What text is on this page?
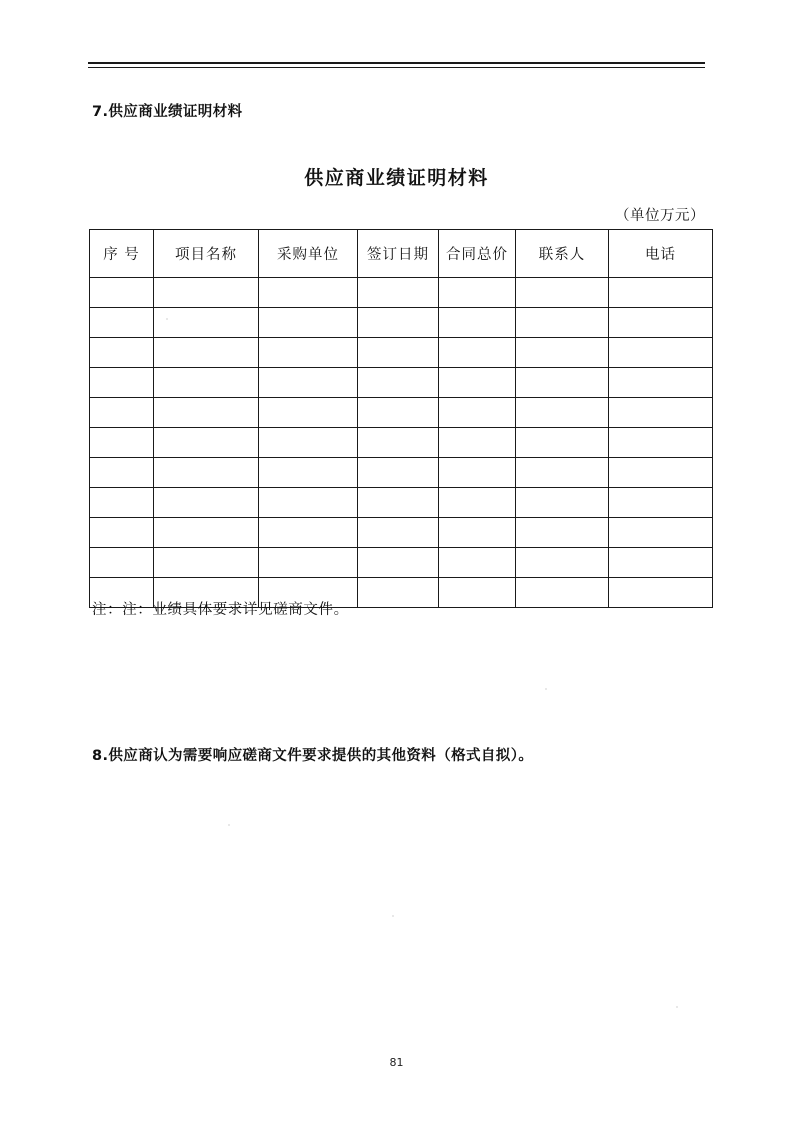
7.供应商业绩证明材料
供应商业绩证明材料
（单位万元）
序 号	项目名称	采购单位	签订日期	合同总价	联系人	电话

注：注：业绩具体要求详见磋商文件。
8.供应商认为需要响应磋商文件要求提供的其他资料（格式自拟）。
81
